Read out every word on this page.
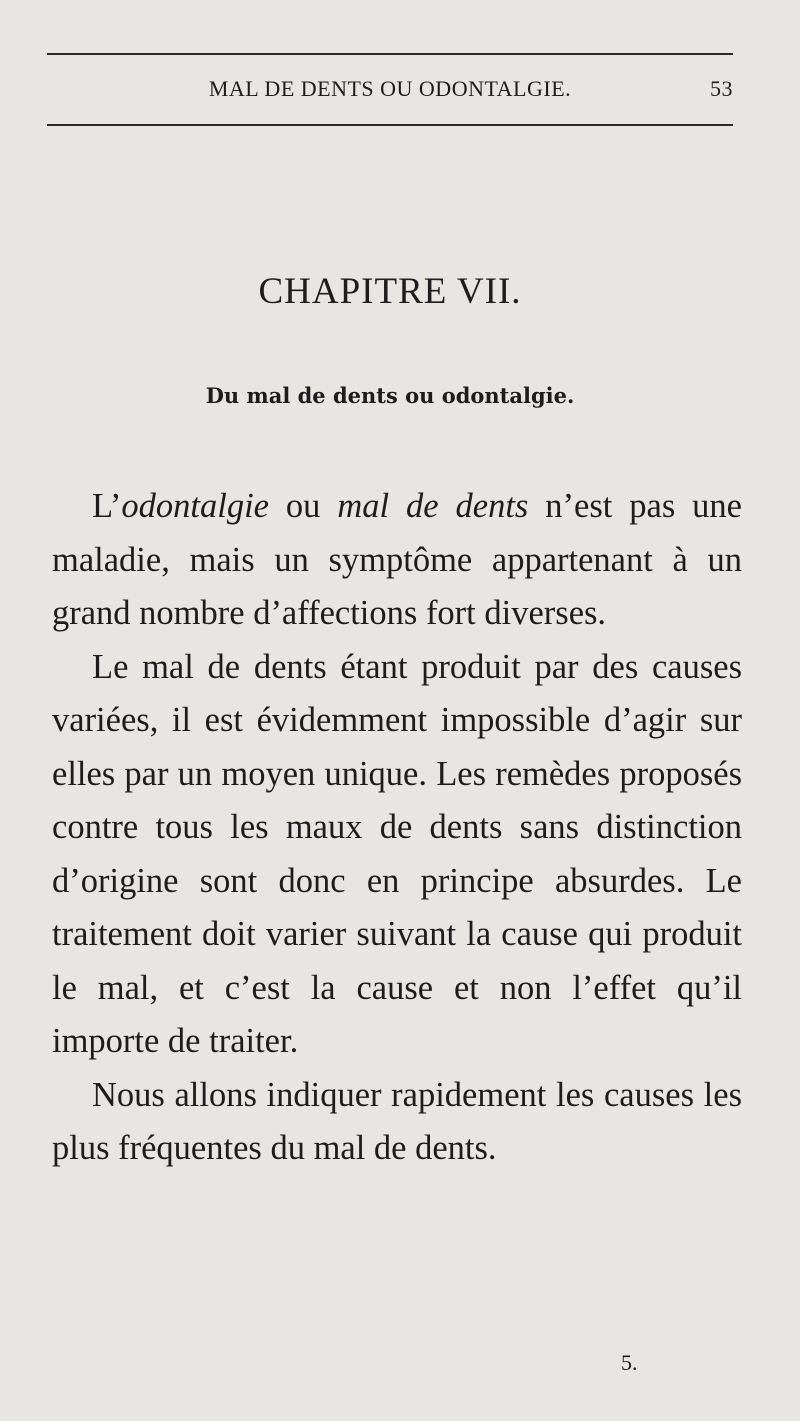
MAL DE DENTS OU ODONTALGIE.	53
CHAPITRE VII.
Du mal de dents ou odontalgie.

L’odontalgie ou mal de dents n’est pas une maladie, mais un symptôme appartenant à un grand nombre d’affections fort diverses.

Le mal de dents étant produit par des causes variées, il est évidemment impossible d’agir sur elles par un moyen unique. Les remèdes proposés contre tous les maux de dents sans distinction d’origine sont donc en principe absurdes. Le traitement doit varier suivant la cause qui produit le mal, et c’est la cause et non l’effet qu’il importe de traiter.

Nous allons indiquer rapidement les causes les plus fréquentes du mal de dents.

5.
